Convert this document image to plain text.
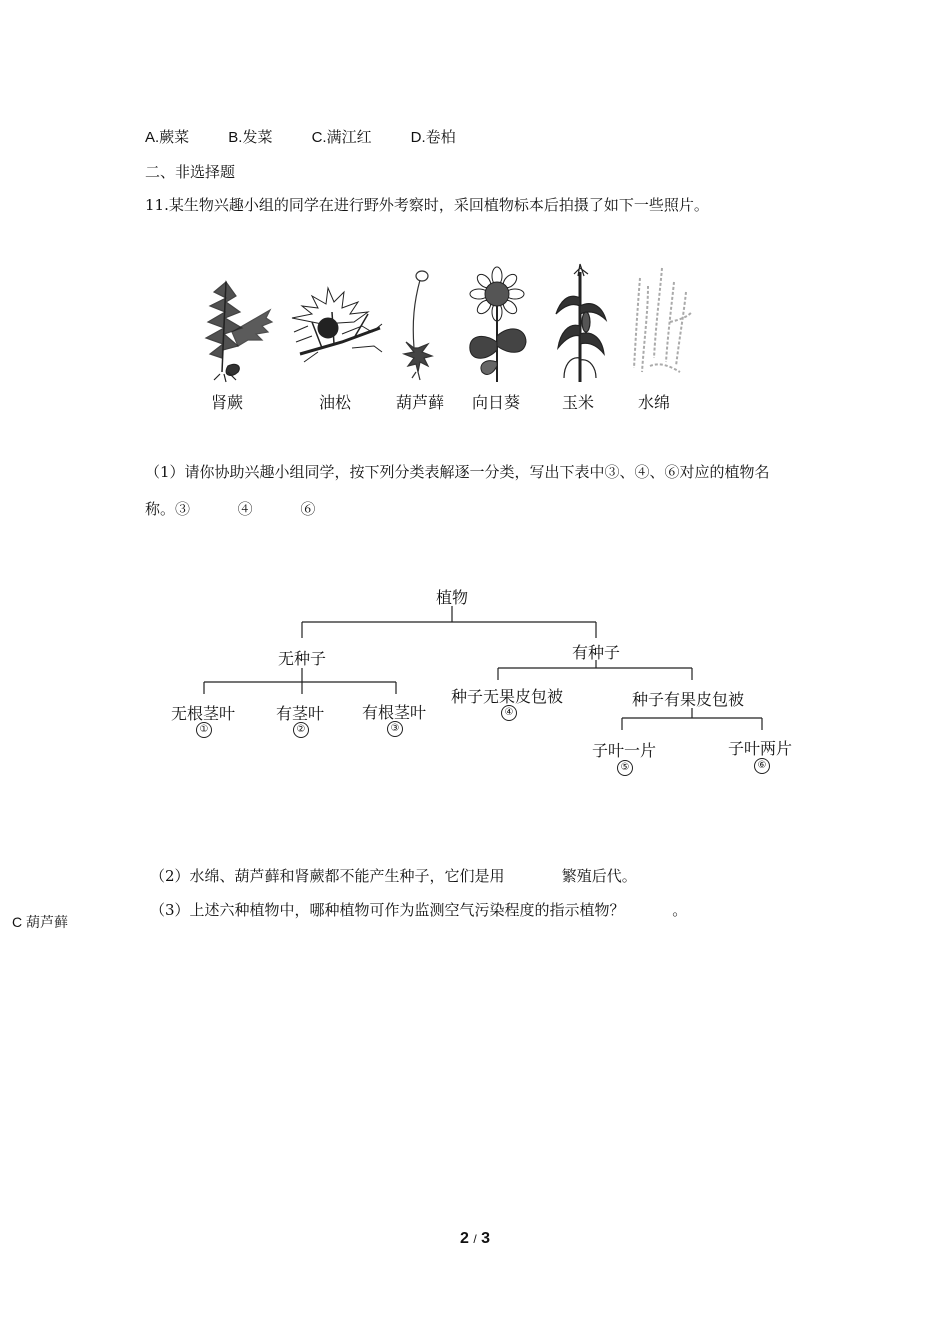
A.蕨菜	B.发菜	C.满江红	D.卷柏
二、非选择题
11.某生物兴趣小组的同学在进行野外考察时，采回植物标本后拍摄了如下一些照片。
肾蕨	油松	葫芦藓	向日葵	玉米	水绵
（1）请你协助兴趣小组同学，按下列分类表解逐一分类，写出下表中③、④、⑥对应的植物名
称。③          ④          ⑥
植物
无种子	有种子
无根茎叶
①
有茎叶
②
有根茎叶
③
种子无果皮包被
④
种子有果皮包被
子叶一片
⑤
子叶两片
⑥
（2）水绵、葫芦藓和肾蕨都不能产生种子，它们是用            繁殖后代。
（3）上述六种植物中，哪种植物可作为监测空气污染程度的指示植物？          。
C 葫芦藓
2 / 3
